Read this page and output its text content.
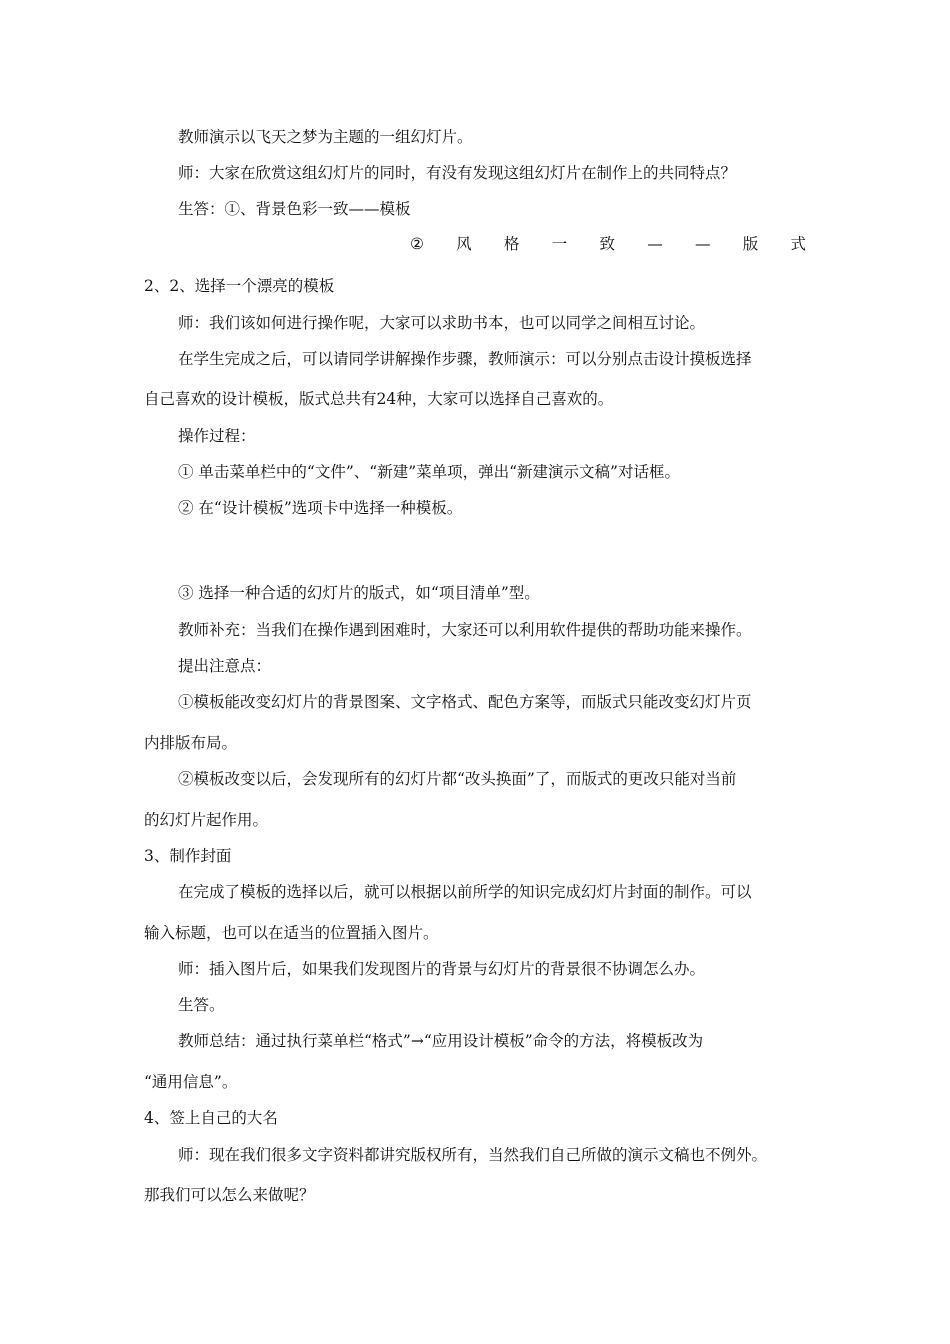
教师演示以飞天之梦为主题的一组幻灯片。
师：大家在欣赏这组幻灯片的同时，有没有发现这组幻灯片在制作上的共同特点？
生答：①、背景色彩一致——模板
② 风 格 一 致 — — 版 式
2、2、选择一个漂亮的模板
师：我们该如何进行操作呢，大家可以求助书本，也可以同学之间相互讨论。
在学生完成之后，可以请同学讲解操作步骤，教师演示：可以分别点击设计摸板选择
自己喜欢的设计模板，版式总共有24种，大家可以选择自己喜欢的。
操作过程：
① 单击菜单栏中的“文件”、“新建”菜单项，弹出“新建演示文稿”对话框。
② 在“设计模板”选项卡中选择一种模板。
③ 选择一种合适的幻灯片的版式，如“项目清单”型。
教师补充：当我们在操作遇到困难时，大家还可以利用软件提供的帮助功能来操作。
提出注意点：
①模板能改变幻灯片的背景图案、文字格式、配色方案等，而版式只能改变幻灯片页
内排版布局。
②模板改变以后，会发现所有的幻灯片都“改头换面”了，而版式的更改只能对当前
的幻灯片起作用。
3、制作封面
在完成了模板的选择以后，就可以根据以前所学的知识完成幻灯片封面的制作。可以
输入标题，也可以在适当的位置插入图片。
师：插入图片后，如果我们发现图片的背景与幻灯片的背景很不协调怎么办。
生答。
教师总结：通过执行菜单栏“格式”→“应用设计模板”命令的方法，将模板改为
“通用信息”。
4、签上自己的大名
师：现在我们很多文字资料都讲究版权所有，当然我们自己所做的演示文稿也不例外。
那我们可以怎么来做呢？
